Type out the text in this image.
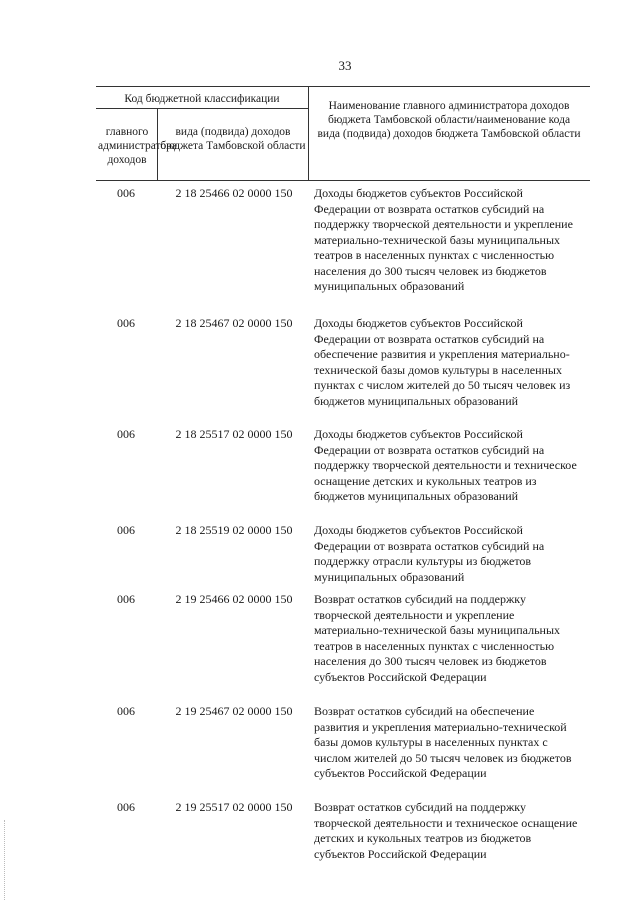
33
Код бюджетной классификации
главного администратора доходов
вида (подвида) доходов бюджета Тамбовской области
Наименование главного администратора доходов бюджета Тамбовской области/наименование кода вида (подвида) доходов бюджета Тамбовской области
006	2 18 25466 02 0000 150	Доходы бюджетов субъектов Российской Федерации от возврата остатков субсидий на поддержку творческой деятельности и укрепление материально-технической базы муниципальных театров в населенных пунктах с численностью населения до 300 тысяч человек из бюджетов муниципальных образований
006	2 18 25467 02 0000 150	Доходы бюджетов субъектов Российской Федерации от возврата остатков субсидий на обеспечение развития и укрепления материально-технической базы домов культуры в населенных пунктах с числом жителей до 50 тысяч человек из бюджетов муниципальных образований
006	2 18 25517 02 0000 150	Доходы бюджетов субъектов Российской Федерации от возврата остатков субсидий на поддержку творческой деятельности и техническое оснащение детских и кукольных театров из бюджетов муниципальных образований
006	2 18 25519 02 0000 150	Доходы бюджетов субъектов Российской Федерации от возврата остатков субсидий на поддержку отрасли культуры из бюджетов муниципальных образований
006	2 19 25466 02 0000 150	Возврат остатков субсидий на поддержку творческой деятельности и укрепление материально-технической базы муниципальных театров в населенных пунктах с численностью населения до 300 тысяч человек из бюджетов субъектов Российской Федерации
006	2 19 25467 02 0000 150	Возврат остатков субсидий на обеспечение развития и укрепления материально-технической базы домов культуры в населенных пунктах с числом жителей до 50 тысяч человек из бюджетов субъектов Российской Федерации
006	2 19 25517 02 0000 150	Возврат остатков субсидий на поддержку творческой деятельности и техническое оснащение детских и кукольных театров из бюджетов субъектов Российской Федерации
